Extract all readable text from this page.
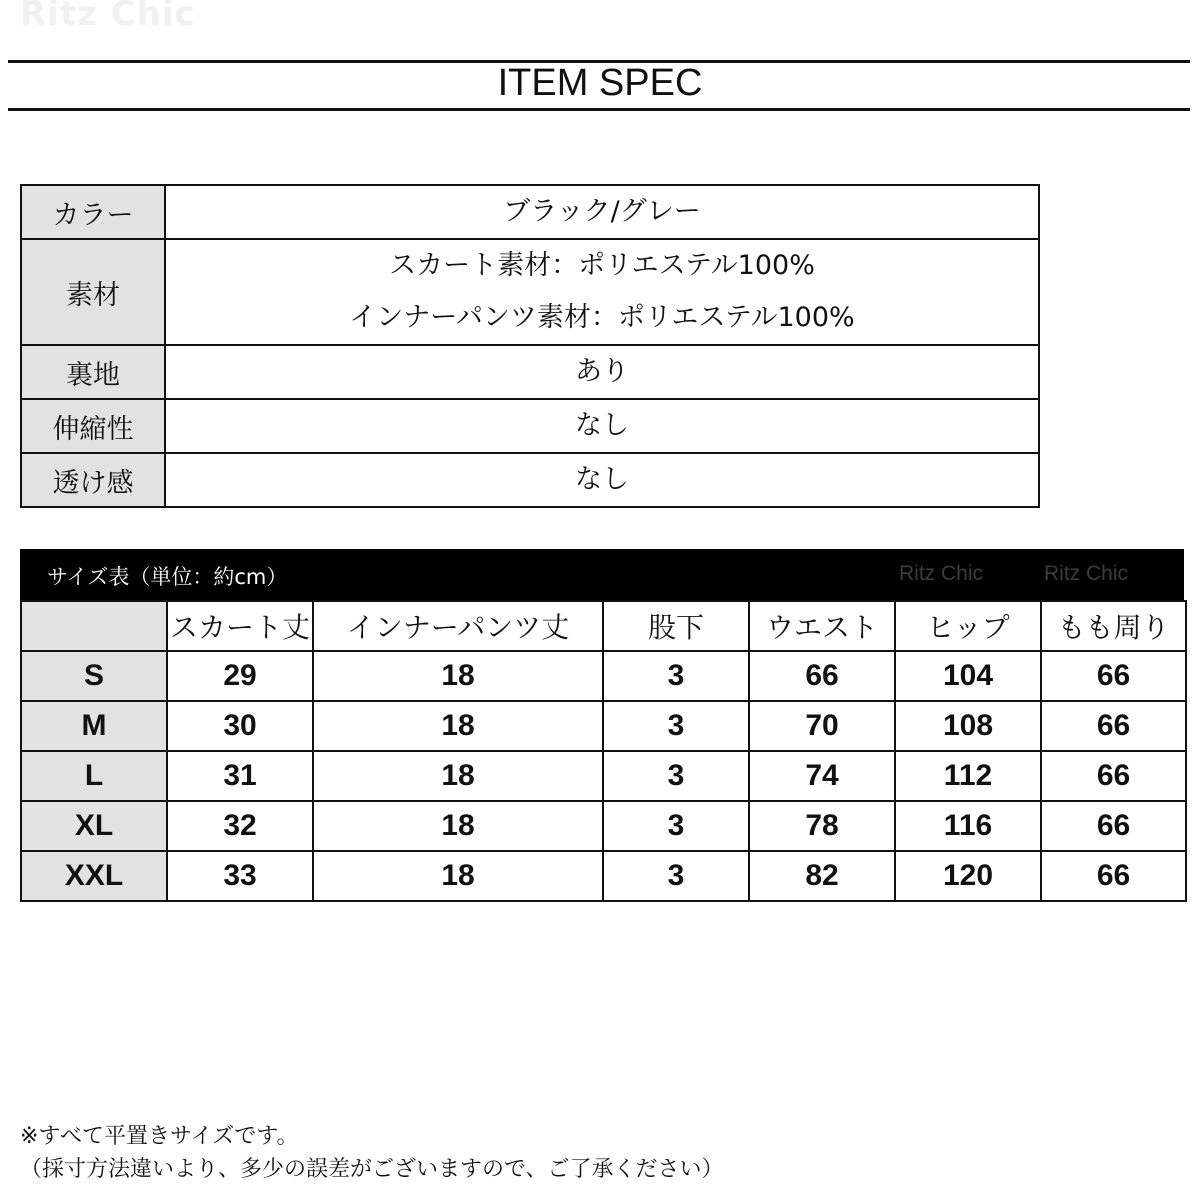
Ritz Chic
ITEM SPEC
カラー	ブラック/グレー

素材	スカート素材：ポリエステル100%
インナーパンツ素材：ポリエステル100%

裏地	あり

伸縮性	なし

透け感	なし
サイズ表（単位：約cm）	Ritz Chic	Ritz Chic
	スカート丈	インナーパンツ丈	股下	ウエスト	ヒップ	もも周り
S	29	18	3	66	104	66
M	30	18	3	70	108	66
L	31	18	3	74	112	66
XL	32	18	3	78	116	66
XXL	33	18	3	82	120	66
※すべて平置きサイズです。
（採寸方法違いより、多少の誤差がございますので、ご了承ください）
